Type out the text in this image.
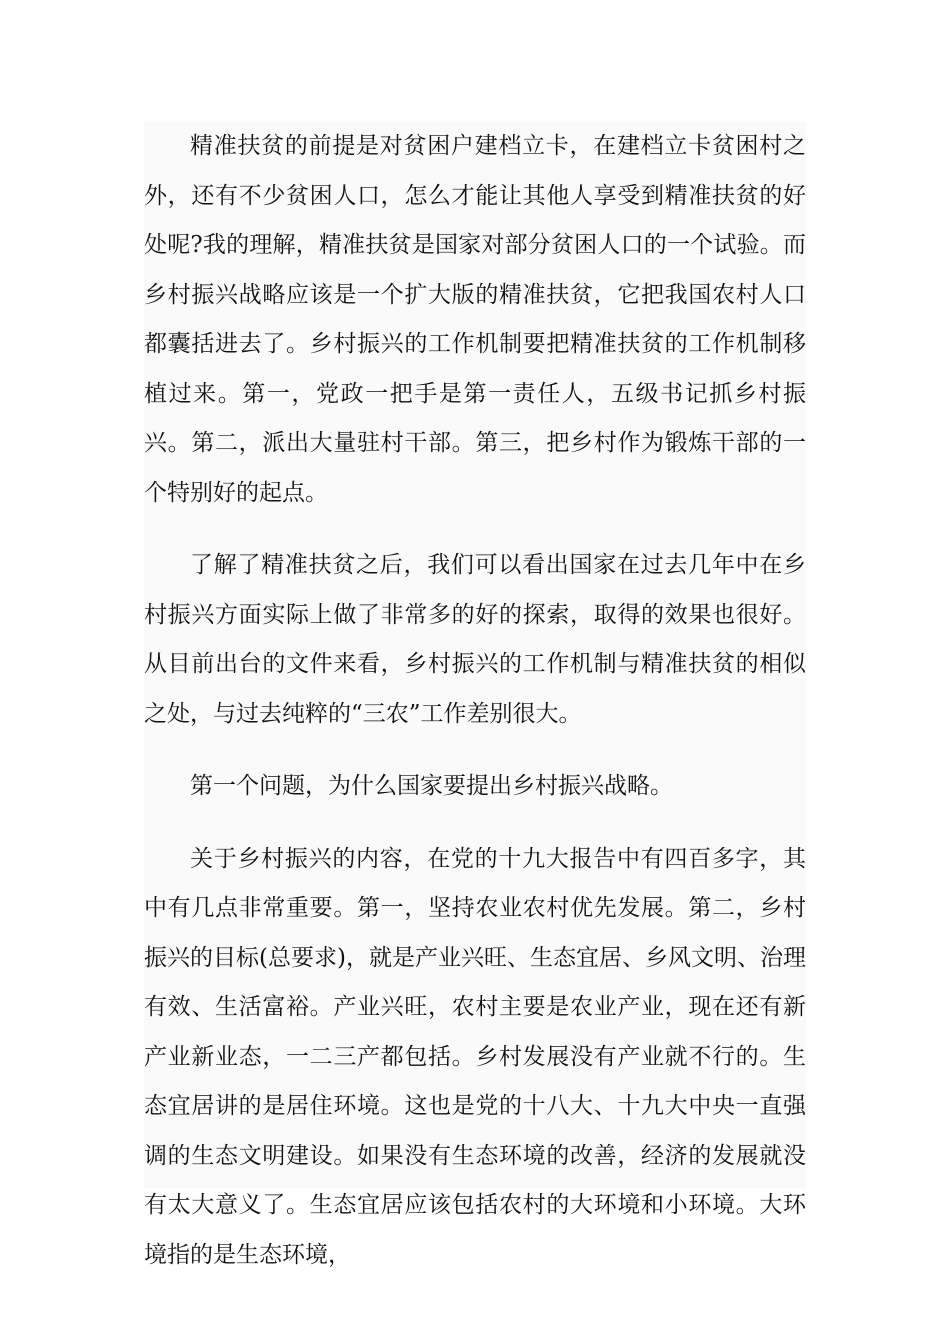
精准扶贫的前提是对贫困户建档立卡，在建档立卡贫困村之外，还有不少贫困人口，怎么才能让其他人享受到精准扶贫的好处呢?我的理解，精准扶贫是国家对部分贫困人口的一个试验。而乡村振兴战略应该是一个扩大版的精准扶贫，它把我国农村人口都囊括进去了。乡村振兴的工作机制要把精准扶贫的工作机制移植过来。第一，党政一把手是第一责任人，五级书记抓乡村振兴。第二，派出大量驻村干部。第三，把乡村作为锻炼干部的一个特别好的起点。

了解了精准扶贫之后，我们可以看出国家在过去几年中在乡村振兴方面实际上做了非常多的好的探索，取得的效果也很好。从目前出台的文件来看，乡村振兴的工作机制与精准扶贫的相似之处，与过去纯粹的“三农”工作差别很大。

第一个问题，为什么国家要提出乡村振兴战略。

关于乡村振兴的内容，在党的十九大报告中有四百多字，其中有几点非常重要。第一，坚持农业农村优先发展。第二，乡村振兴的目标(总要求)，就是产业兴旺、生态宜居、乡风文明、治理有效、生活富裕。产业兴旺，农村主要是农业产业，现在还有新产业新业态，一二三产都包括。乡村发展没有产业就不行的。生态宜居讲的是居住环境。这也是党的十八大、十九大中央一直强调的生态文明建设。如果没有生态环境的改善，经济的发展就没有太大意义了。生态宜居应该包括农村的大环境和小环境。大环境指的是生态环境，
